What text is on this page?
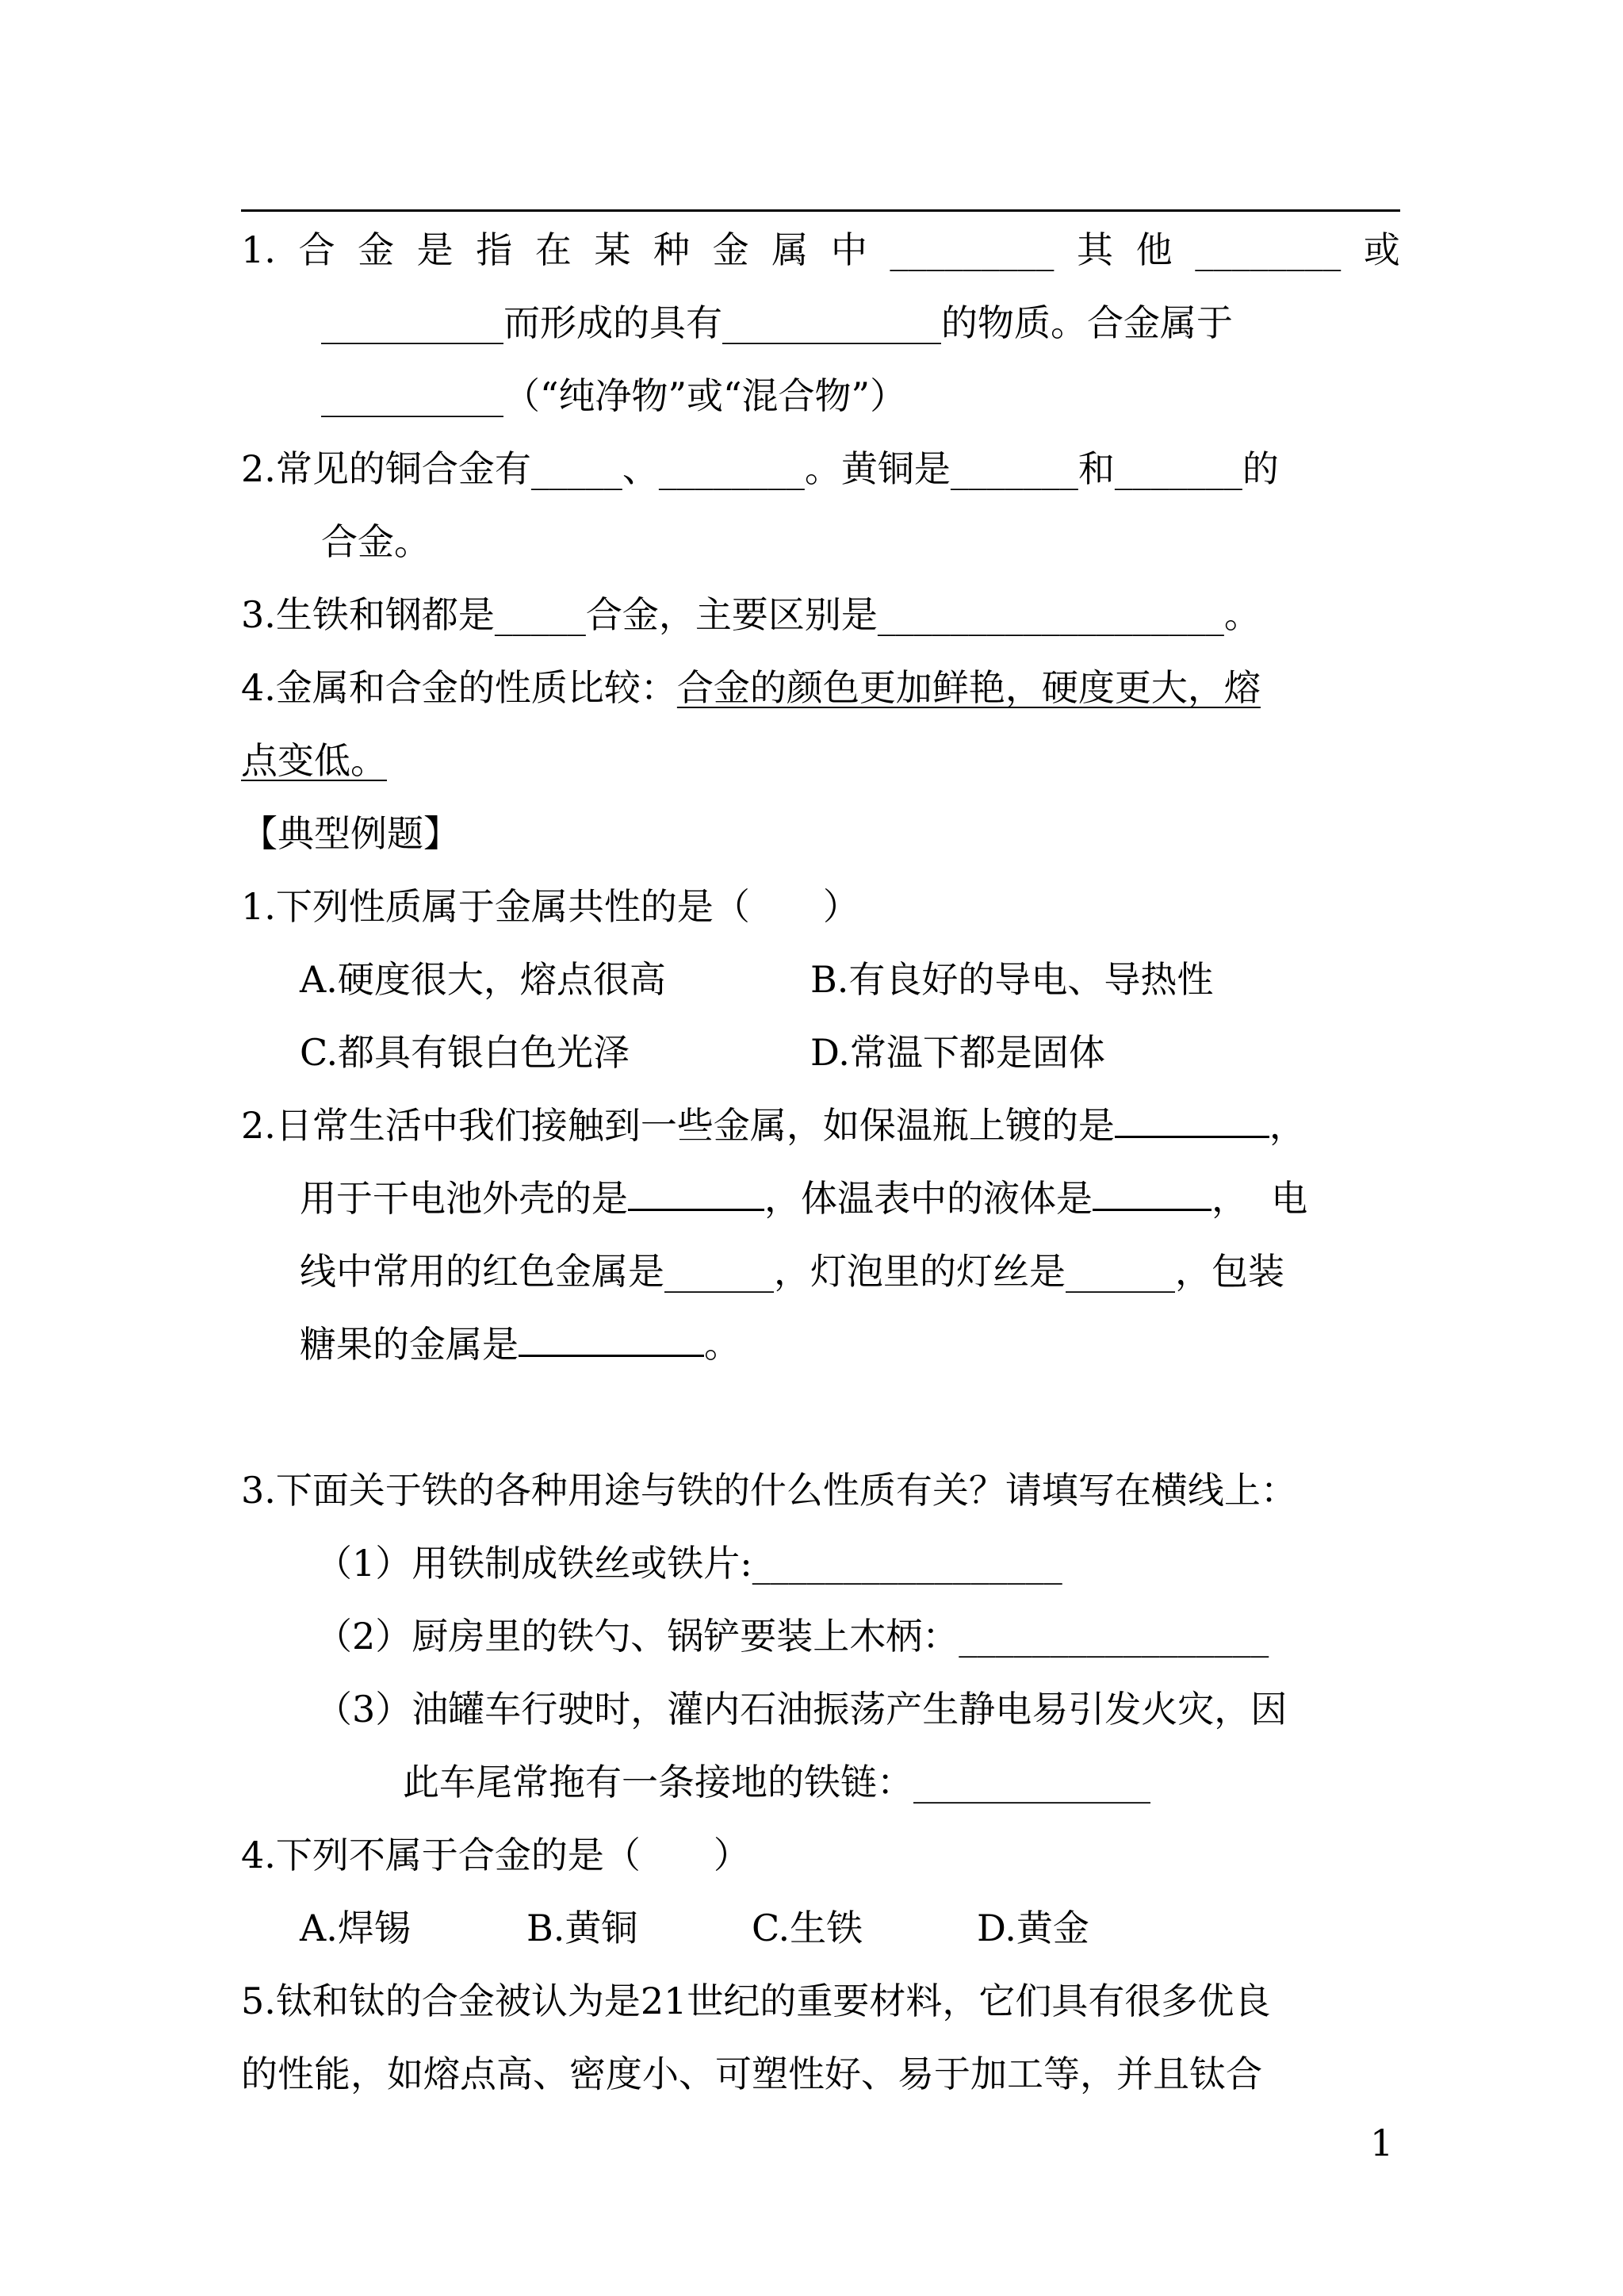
1. 合 金 是 指 在 某 种 金 属 中 _________ 其 他 ________ 或
__________而形成的具有____________的物质。合金属于
__________（“纯净物”或“混合物”）
2.常见的铜合金有_____、________。黄铜是_______和_______的
合金。
3.生铁和钢都是_____合金，主要区别是___________________。
4.金属和合金的性质比较：合金的颜色更加鲜艳，硬度更大，熔
点变低。
【典型例题】
1.下列性质属于金属共性的是（　　）
A.硬度很大，熔点很高	B.有良好的导电、导热性
C.都具有银白色光泽	D.常温下都是固体
2.日常生活中我们接触到一些金属，如保温瓶上镀的是	，
用于干电池外壳的是	，体温表中的液体是	，  电
线中常用的红色金属是______，灯泡里的灯丝是______，包装
糖果的金属是	。
3.下面关于铁的各种用途与铁的什么性质有关？请填写在横线上：
（1）用铁制成铁丝或铁片:_________________
（2）厨房里的铁勺、锅铲要装上木柄：_________________
（3）油罐车行驶时，灌内石油振荡产生静电易引发火灾，因
此车尾常拖有一条接地的铁链：_____________
4.下列不属于合金的是（　　）
A.焊锡	B.黄铜	C.生铁	D.黄金
5.钛和钛的合金被认为是21世纪的重要材料，它们具有很多优良
的性能，如熔点高、密度小、可塑性好、易于加工等，并且钛合
1
